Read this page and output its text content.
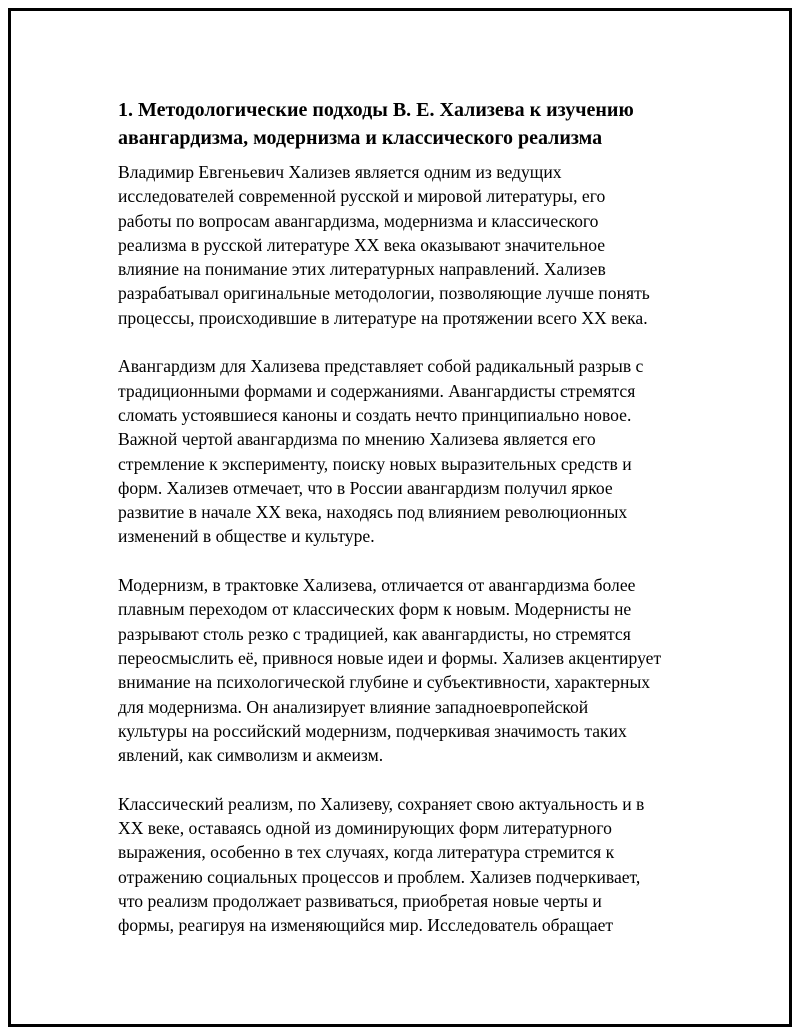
1. Методологические подходы В. Е. Хализева к изучению
авангардизма, модернизма и классического реализма

Владимир Евгеньевич Хализев является одним из ведущих
исследователей современной русской и мировой литературы, его
работы по вопросам авангардизма, модернизма и классического
реализма в русской литературе XX века оказывают значительное
влияние на понимание этих литературных направлений. Хализев
разрабатывал оригинальные методологии, позволяющие лучше понять
процессы, происходившие в литературе на протяжении всего XX века.

Авангардизм для Хализева представляет собой радикальный разрыв с
традиционными формами и содержаниями. Авангардисты стремятся
сломать устоявшиеся каноны и создать нечто принципиально новое.
Важной чертой авангардизма по мнению Хализева является его
стремление к эксперименту, поиску новых выразительных средств и
форм. Хализев отмечает, что в России авангардизм получил яркое
развитие в начале XX века, находясь под влиянием революционных
изменений в обществе и культуре.

Модернизм, в трактовке Хализева, отличается от авангардизма более
плавным переходом от классических форм к новым. Модернисты не
разрывают столь резко с традицией, как авангардисты, но стремятся
переосмыслить её, привнося новые идеи и формы. Хализев акцентирует
внимание на психологической глубине и субъективности, характерных
для модернизма. Он анализирует влияние западноевропейской
культуры на российский модернизм, подчеркивая значимость таких
явлений, как символизм и акмеизм.

Классический реализм, по Хализеву, сохраняет свою актуальность и в
XX веке, оставаясь одной из доминирующих форм литературного
выражения, особенно в тех случаях, когда литература стремится к
отражению социальных процессов и проблем. Хализев подчеркивает,
что реализм продолжает развиваться, приобретая новые черты и
формы, реагируя на изменяющийся мир. Исследователь обращает
